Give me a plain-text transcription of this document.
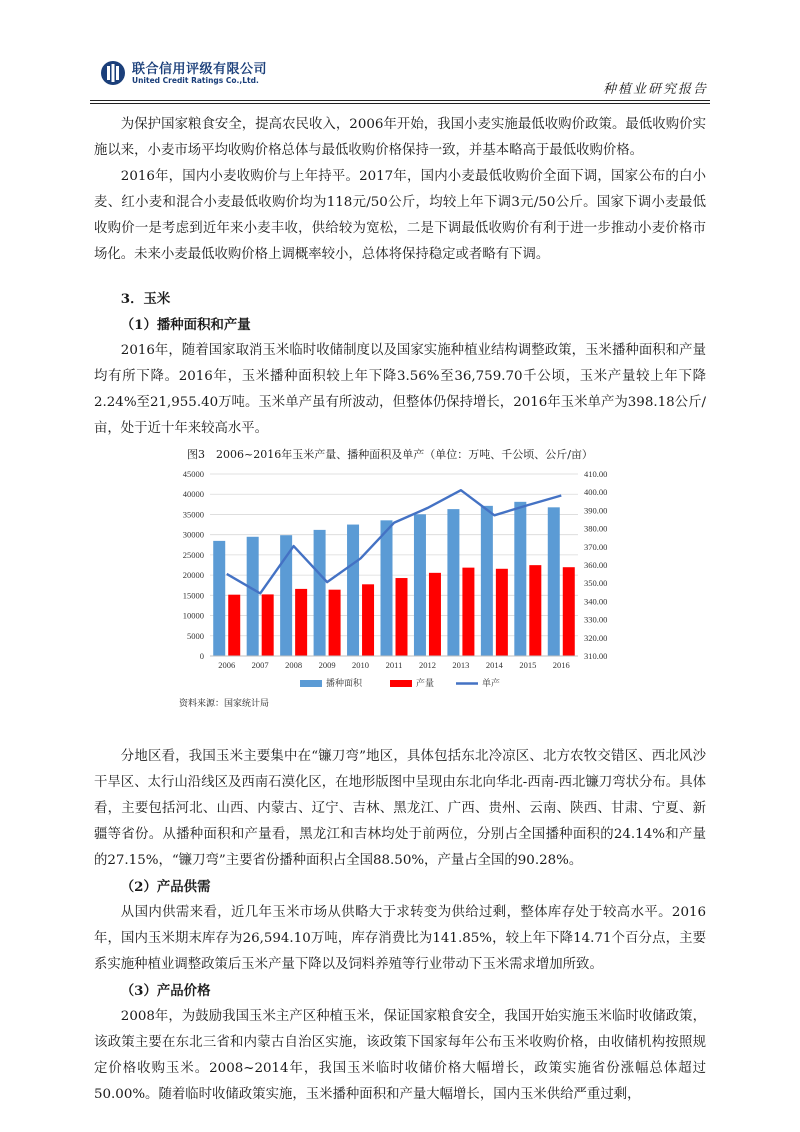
联合信用评级有限公司
United Credit Ratings Co.,Ltd.
种植业研究报告

为保护国家粮食安全，提高农民收入，2006年开始，我国小麦实施最低收购价政策。最低收购价实施以来，小麦市场平均收购价格总体与最低收购价格保持一致，并基本略高于最低收购价格。

2016年，国内小麦收购价与上年持平。2017年，国内小麦最低收购价全面下调，国家公布的白小麦、红小麦和混合小麦最低收购价均为118元/50公斤，均较上年下调3元/50公斤。国家下调小麦最低收购价一是考虑到近年来小麦丰收，供给较为宽松，二是下调最低收购价有利于进一步推动小麦价格市场化。未来小麦最低收购价格上调概率较小，总体将保持稳定或者略有下调。

3．玉米
（1）播种面积和产量

2016年，随着国家取消玉米临时收储制度以及国家实施种植业结构调整政策，玉米播种面积和产量均有所下降。2016年，玉米播种面积较上年下降3.56%至36,759.70千公顷，玉米产量较上年下降2.24%至21,955.40万吨。玉米单产虽有所波动，但整体仍保持增长，2016年玉米单产为398.18公斤/亩，处于近十年来较高水平。

图3　2006~2016年玉米产量、播种面积及单产（单位：万吨、千公顷、公斤/亩）
0
5000
10000
15000
20000
25000
30000
35000
40000
45000
310.00
320.00
330.00
340.00
350.00
360.00
370.00
380.00
390.00
400.00
410.00
2006 2007 2008 2009 2010 2011 2012 2013 2014 2015 2016
播种面积	产量	单产
资料来源：国家统计局

分地区看，我国玉米主要集中在“镰刀弯”地区，具体包括东北冷凉区、北方农牧交错区、西北风沙干旱区、太行山沿线区及西南石漠化区，在地形版图中呈现由东北向华北-西南-西北镰刀弯状分布。具体看，主要包括河北、山西、内蒙古、辽宁、吉林、黑龙江、广西、贵州、云南、陕西、甘肃、宁夏、新疆等省份。从播种面积和产量看，黑龙江和吉林均处于前两位，分别占全国播种面积的24.14%和产量的27.15%，“镰刀弯”主要省份播种面积占全国88.50%，产量占全国的90.28%。

（2）产品供需

从国内供需来看，近几年玉米市场从供略大于求转变为供给过剩，整体库存处于较高水平。2016年，国内玉米期末库存为26,594.10万吨，库存消费比为141.85%，较上年下降14.71个百分点，主要系实施种植业调整政策后玉米产量下降以及饲料养殖等行业带动下玉米需求增加所致。

（3）产品价格

2008年，为鼓励我国玉米主产区种植玉米，保证国家粮食安全，我国开始实施玉米临时收储政策，该政策主要在东北三省和内蒙古自治区实施，该政策下国家每年公布玉米收购价格，由收储机构按照规定价格收购玉米。2008~2014年，我国玉米临时收储价格大幅增长，政策实施省份涨幅总体超过50.00%。随着临时收储政策实施，玉米播种面积和产量大幅增长，国内玉米供给严重过剩，
